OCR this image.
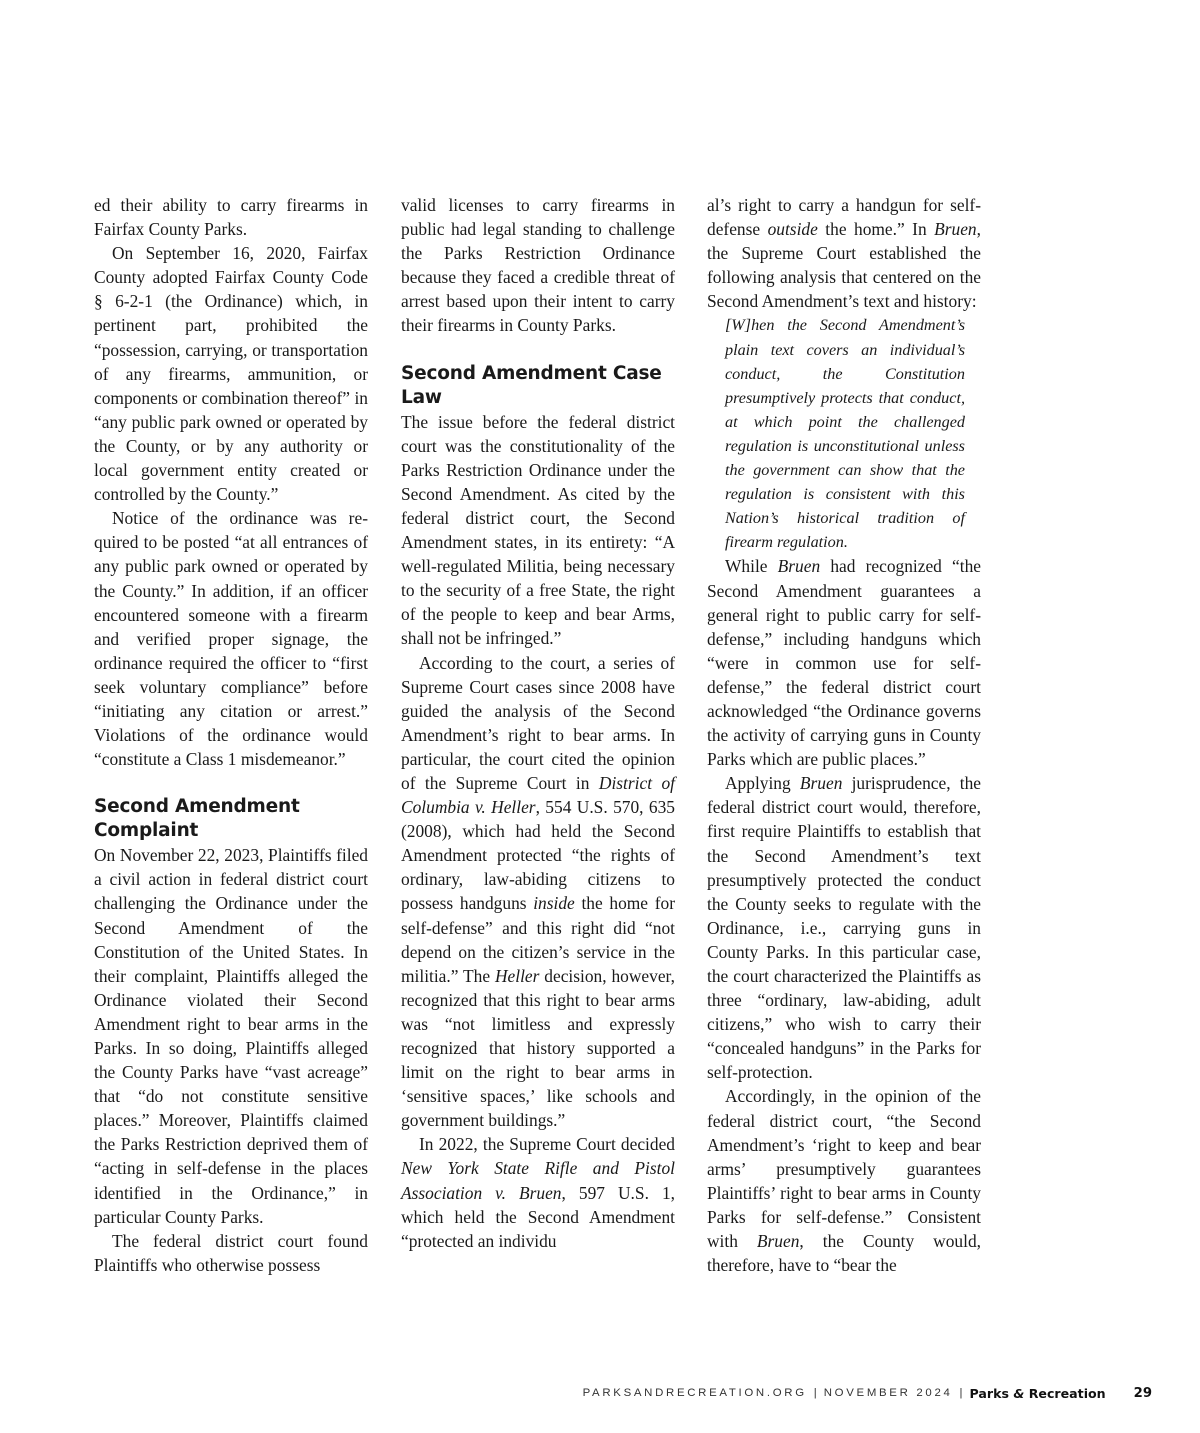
ed their ability to carry firearms in Fairfax County Parks.

On September 16, 2020, Fairfax County adopted Fairfax County Code § 6-2-1 (the Ordinance) which, in pertinent part, prohibited the “possession, carrying, or transportation of any firearms, ammunition, or components or combination thereof” in “any public park owned or operated by the County, or by any authority or local government entity created or controlled by the County.”

Notice of the ordinance was required to be posted “at all entrances of any public park owned or operated by the County.” In addition, if an officer encountered someone with a firearm and verified proper signage, the ordinance required the officer to “first seek voluntary compliance” before “initiating any citation or arrest.” Violations of the ordinance would “constitute a Class 1 misdemeanor.”

Second Amendment Complaint

On November 22, 2023, Plaintiffs filed a civil action in federal district court challenging the Ordinance under the Second Amendment of the Constitution of the United States. In their complaint, Plaintiffs alleged the Ordinance violated their Second Amendment right to bear arms in the Parks. In so doing, Plaintiffs alleged the County Parks have “vast acreage” that “do not constitute sensitive places.” Moreover, Plaintiffs claimed the Parks Restriction deprived them of “acting in self-defense in the places identified in the Ordinance,” in particular County Parks.

The federal district court found Plaintiffs who otherwise possess

valid licenses to carry firearms in public had legal standing to challenge the Parks Restriction Ordinance because they faced a credible threat of arrest based upon their intent to carry their firearms in County Parks.

Second Amendment Case Law

The issue before the federal district court was the constitutionality of the Parks Restriction Ordinance under the Second Amendment. As cited by the federal district court, the Second Amendment states, in its entirety: “A well-regulated Militia, being necessary to the security of a free State, the right of the people to keep and bear Arms, shall not be infringed.”

According to the court, a series of Supreme Court cases since 2008 have guided the analysis of the Second Amendment’s right to bear arms. In particular, the court cited the opinion of the Supreme Court in District of Columbia v. Heller, 554 U.S. 570, 635 (2008), which had held the Second Amendment protected “the rights of ordinary, law-abiding citizens to possess handguns inside the home for self-defense” and this right did “not depend on the citizen’s service in the militia.” The Heller decision, however, recognized that this right to bear arms was “not limitless and expressly recognized that history supported a limit on the right to bear arms in ‘sensitive spaces,’ like schools and government buildings.”

In 2022, the Supreme Court decided New York State Rifle and Pistol Association v. Bruen, 597 U.S. 1, which held the Second Amendment “protected an individu

al’s right to carry a handgun for self-defense outside the home.” In Bruen, the Supreme Court established the following analysis that centered on the Second Amendment’s text and history:

[W]hen the Second Amendment’s plain text covers an individual’s conduct, the Constitution presumptively protects that conduct, at which point the challenged regulation is unconstitutional unless the government can show that the regulation is consistent with this Nation’s historical tradition of firearm regulation.

While Bruen had recognized “the Second Amendment guarantees a general right to public carry for self-defense,” including handguns which “were in common use for self-defense,” the federal district court acknowledged “the Ordinance governs the activity of carrying guns in County Parks which are public places.”

Applying Bruen jurisprudence, the federal district court would, therefore, first require Plaintiffs to establish that the Second Amendment’s text presumptively protected the conduct the County seeks to regulate with the Ordinance, i.e., carrying guns in County Parks. In this particular case, the court characterized the Plaintiffs as three “ordinary, law-abiding, adult citizens,” who wish to carry their “concealed handguns” in the Parks for self-protection.

Accordingly, in the opinion of the federal district court, “the Second Amendment’s ‘right to keep and bear arms’ presumptively guarantees Plaintiffs’ right to bear arms in County Parks for self-defense.” Consistent with Bruen, the County would, therefore, have to “bear the

PARKSANDRECREATION.ORG | NOVEMBER 2024 | Parks & Recreation 29
